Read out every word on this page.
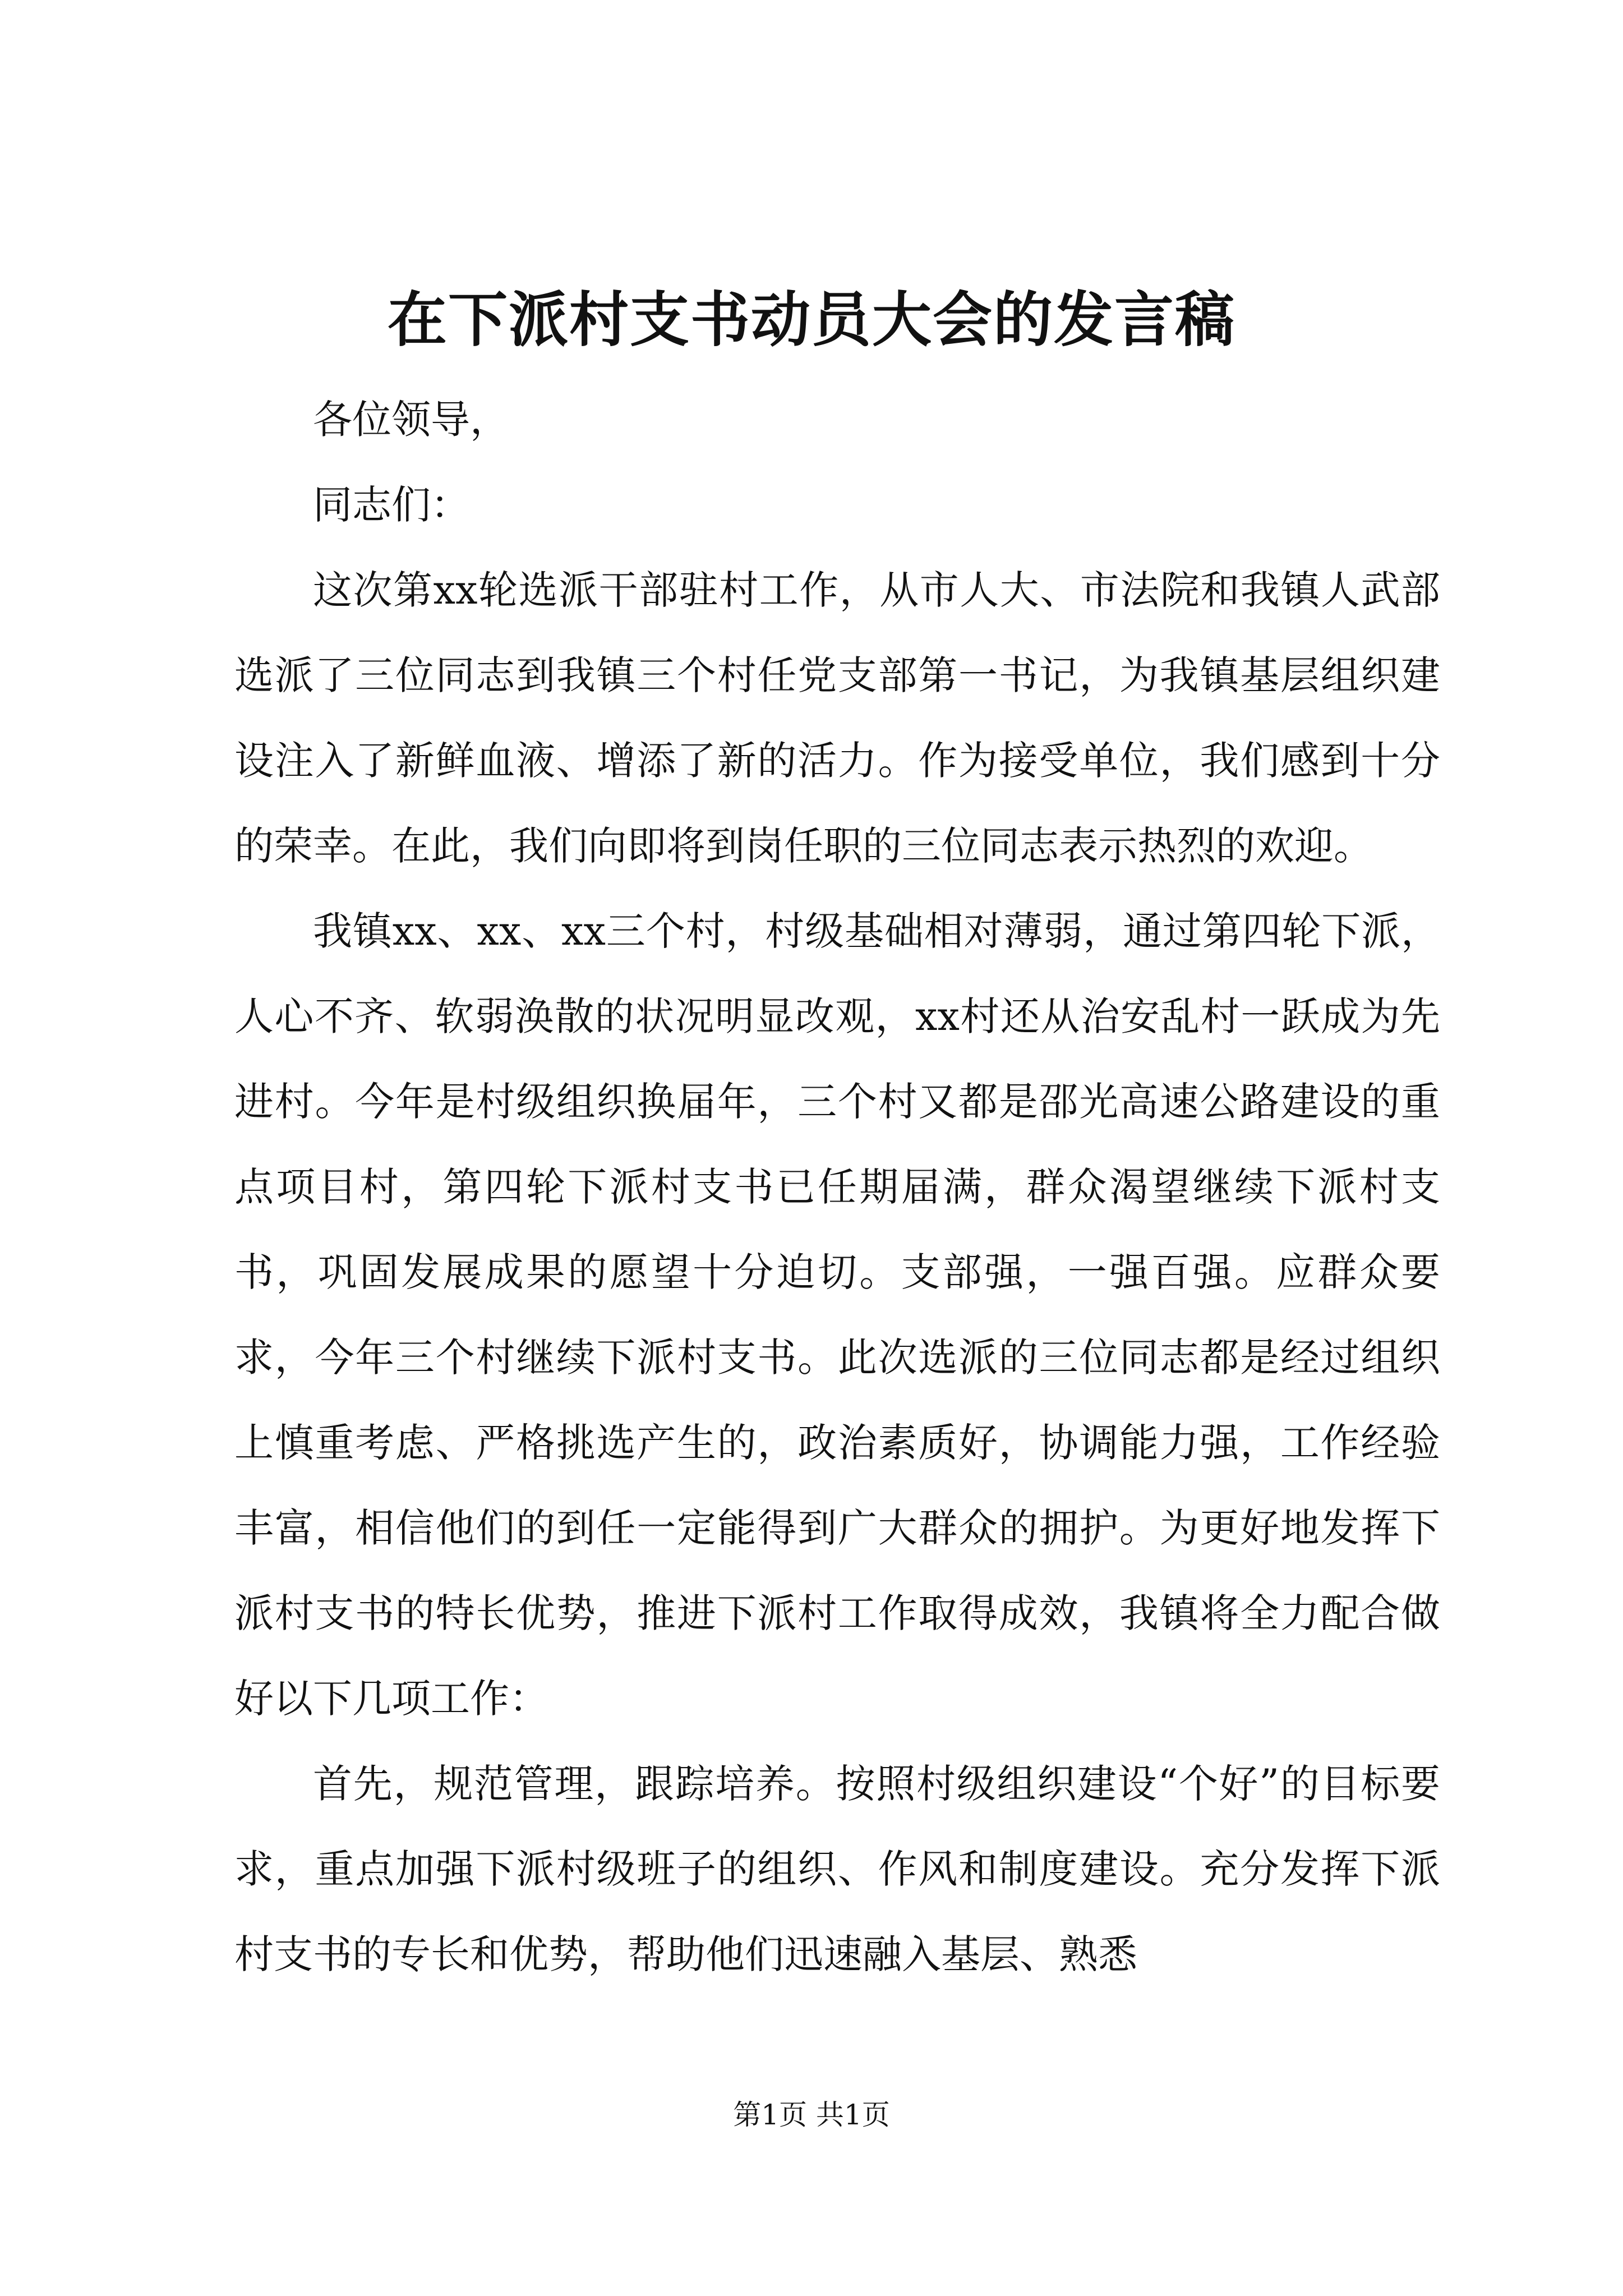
在下派村支书动员大会的发言稿

各位领导，

同志们：

这次第xx轮选派干部驻村工作，从市人大、市法院和我镇人武部选派了三位同志到我镇三个村任党支部第一书记，为我镇基层组织建设注入了新鲜血液、增添了新的活力。作为接受单位，我们感到十分的荣幸。在此，我们向即将到岗任职的三位同志表示热烈的欢迎。

我镇xx、xx、xx三个村，村级基础相对薄弱，通过第四轮下派，人心不齐、软弱涣散的状况明显改观，xx村还从治安乱村一跃成为先进村。今年是村级组织换届年，三个村又都是邵光高速公路建设的重点项目村，第四轮下派村支书已任期届满，群众渴望继续下派村支书，巩固发展成果的愿望十分迫切。支部强，一强百强。应群众要求，今年三个村继续下派村支书。此次选派的三位同志都是经过组织上慎重考虑、严格挑选产生的，政治素质好，协调能力强，工作经验丰富，相信他们的到任一定能得到广大群众的拥护。为更好地发挥下派村支书的特长优势，推进下派村工作取得成效，我镇将全力配合做好以下几项工作：

首先，规范管理，跟踪培养。按照村级组织建设“个好”的目标要求，重点加强下派村级班子的组织、作风和制度建设。充分发挥下派村支书的专长和优势，帮助他们迅速融入基层、熟悉

第1页 共1页
